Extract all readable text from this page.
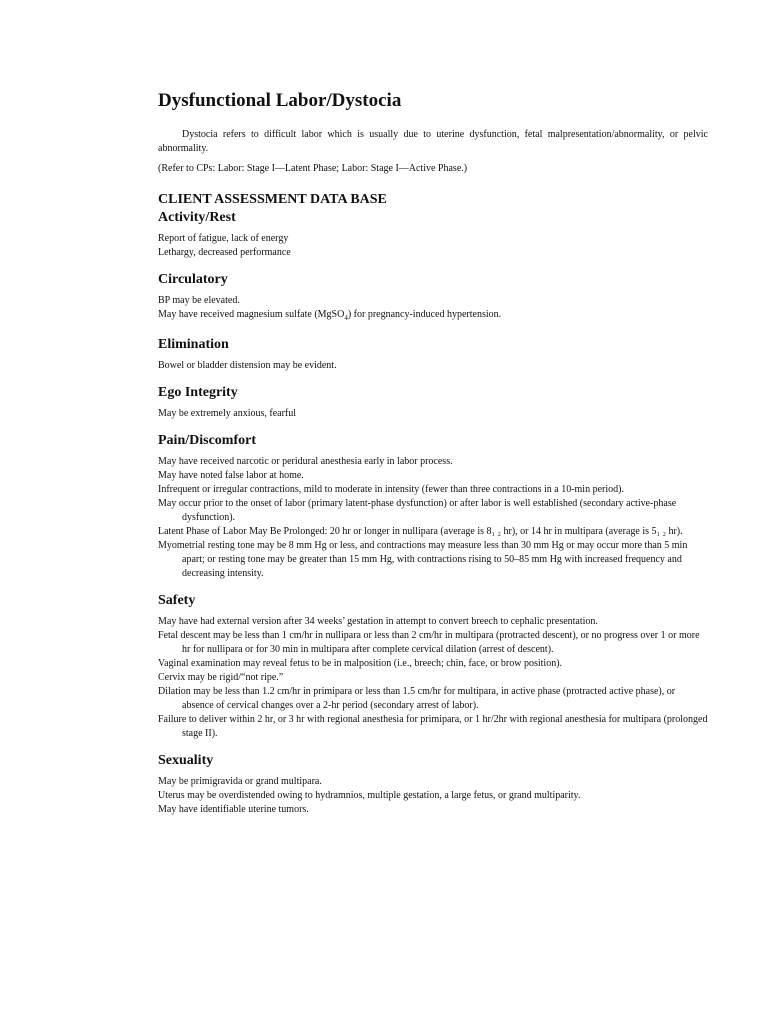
Dysfunctional Labor/Dystocia

Dystocia refers to difficult labor which is usually due to uterine dysfunction, fetal malpresentation/abnormality, or pelvic abnormality.

(Refer to CPs: Labor: Stage I—Latent Phase; Labor: Stage I—Active Phase.)

CLIENT ASSESSMENT DATA BASE
Activity/Rest
Report of fatigue, lack of energy
Lethargy, decreased performance
Circulatory
BP may be elevated.
May have received magnesium sulfate (MgSO$_4$) for pregnancy-induced hypertension.
Elimination
Bowel or bladder distension may be evident.
Ego Integrity
May be extremely anxious, fearful
Pain/Discomfort
May have received narcotic or peridural anesthesia early in labor process.
May have noted false labor at home.
Infrequent or irregular contractions, mild to moderate in intensity (fewer than three contractions in a 10-min period).
May occur prior to the onset of labor (primary latent-phase dysfunction) or after labor is well established (secondary active-phase dysfunction).
Latent Phase of Labor May Be Prolonged: 20 hr or longer in nullipara (average is 8₁ ₂ hr), or 14 hr in multipara (average is 5₁ ₂ hr).
Myometrial resting tone may be 8 mm Hg or less, and contractions may measure less than 30 mm Hg or may occur more than 5 min apart; or resting tone may be greater than 15 mm Hg, with contractions rising to 50–85 mm Hg with increased frequency and decreasing intensity.
Safety
May have had external version after 34 weeks’ gestation in attempt to convert breech to cephalic presentation.
Fetal descent may be less than 1 cm/hr in nullipara or less than 2 cm/hr in multipara (protracted descent), or no progress over 1 or more hr for nullipara or for 30 min in multipara after complete cervical dilation (arrest of descent).
Vaginal examination may reveal fetus to be in malposition (i.e., breech; chin, face, or brow position).
Cervix may be rigid/“not ripe.”
Dilation may be less than 1.2 cm/hr in primipara or less than 1.5 cm/hr for multipara, in active phase (protracted active phase), or absence of cervical changes over a 2-hr period (secondary arrest of labor).
Failure to deliver within 2 hr, or 3 hr with regional anesthesia for primipara, or 1 hr/2hr with regional anesthesia for multipara (prolonged stage II).
Sexuality
May be primigravida or grand multipara.
Uterus may be overdistended owing to hydramnios, multiple gestation, a large fetus, or grand multiparity.
May have identifiable uterine tumors.
